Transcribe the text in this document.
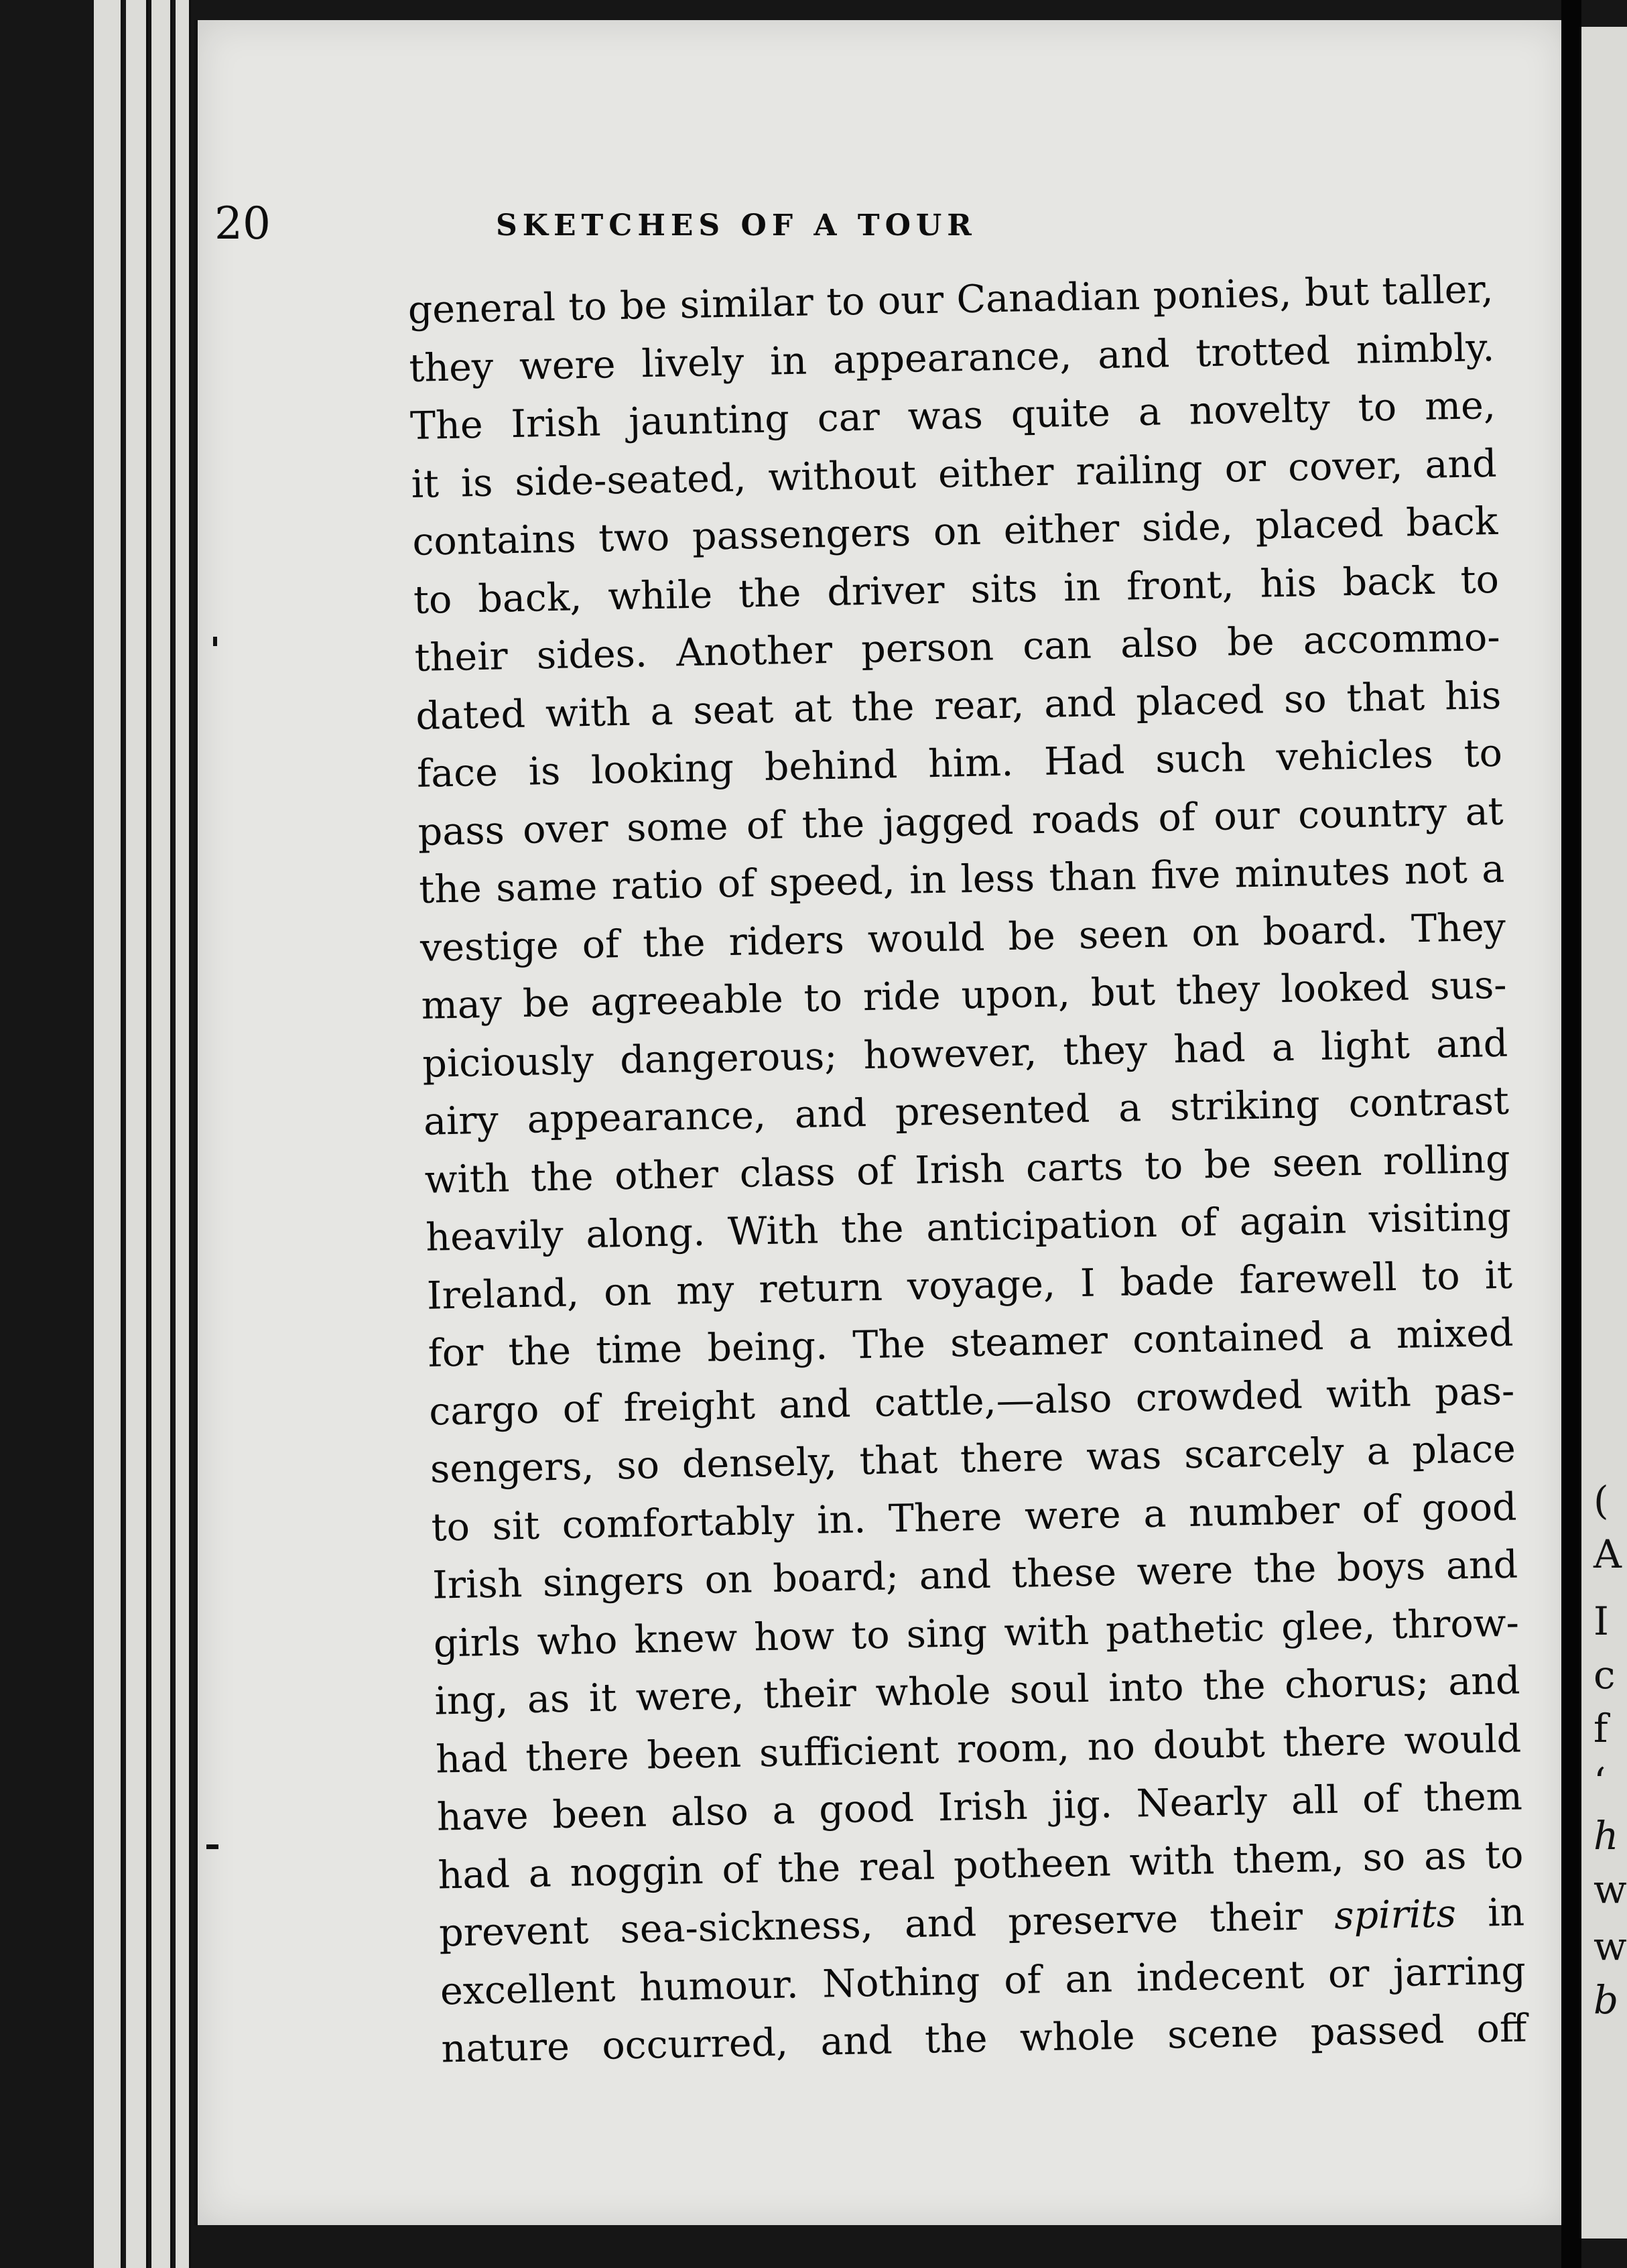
20	SKETCHES OF A TOUR
general to be similar to our Canadian ponies, but taller,
they were lively in appearance, and trotted nimbly.
The Irish jaunting car was quite a novelty to me,
it is side-seated, without either railing or cover, and
contains two passengers on either side, placed back
to back, while the driver sits in front, his back to
their sides. Another person can also be accommo-
dated with a seat at the rear, and placed so that his
face is looking behind him. Had such vehicles to
pass over some of the jagged roads of our country at
the same ratio of speed, in less than five minutes not a
vestige of the riders would be seen on board. They
may be agreeable to ride upon, but they looked sus-
piciously dangerous; however, they had a light and
airy appearance, and presented a striking contrast
with the other class of Irish carts to be seen rolling
heavily along. With the anticipation of again visiting
Ireland, on my return voyage, I bade farewell to it
for the time being. The steamer contained a mixed
cargo of freight and cattle,—also crowded with pas-
sengers, so densely, that there was scarcely a place
to sit comfortably in. There were a number of good
Irish singers on board; and these were the boys and
girls who knew how to sing with pathetic glee, throw-
ing, as it were, their whole soul into the chorus; and
had there been sufficient room, no doubt there would
have been also a good Irish jig. Nearly all of them
had a noggin of the real potheen with them, so as to
prevent sea-sickness, and preserve their spirits in
excellent humour. Nothing of an indecent or jarring
nature occurred, and the whole scene passed off
(
A
I
c
f
‘
h
w
w
b
